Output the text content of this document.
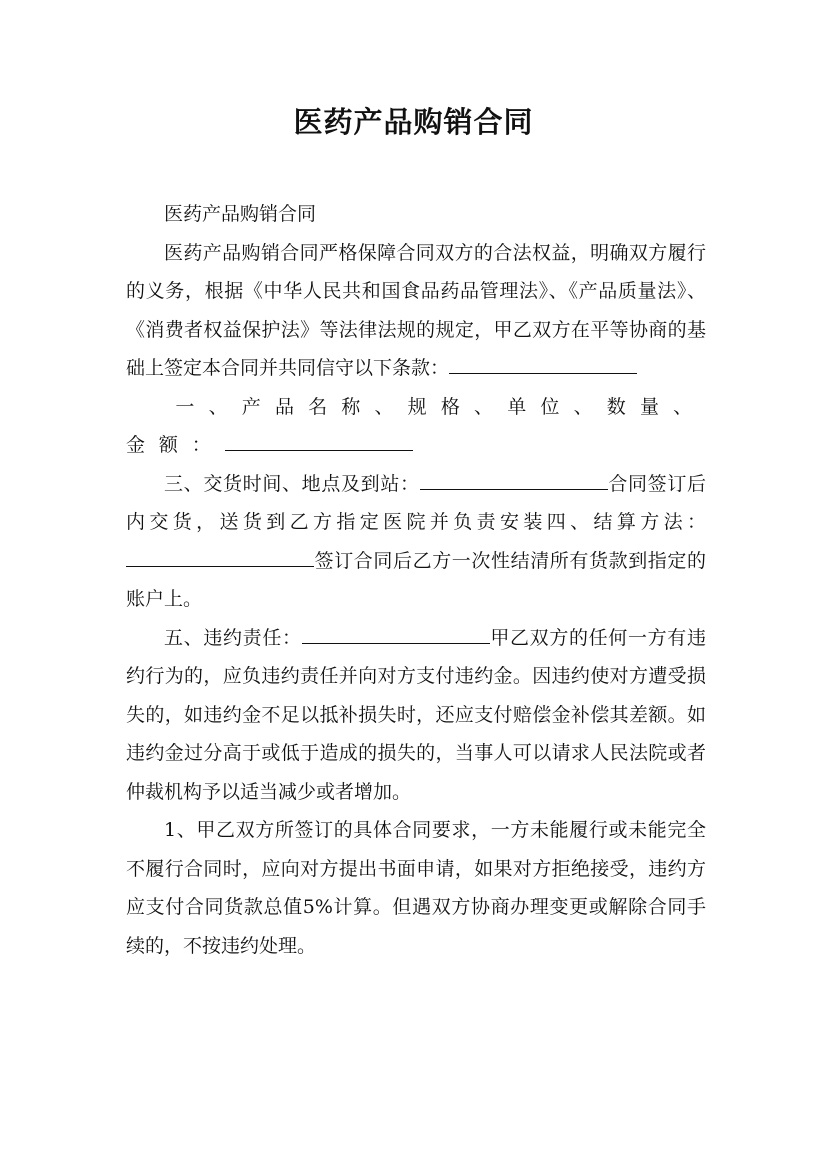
医药产品购销合同

医药产品购销合同

医药产品购销合同严格保障合同双方的合法权益，明确双方履行的义务，根据《中华人民共和国食品药品管理法》、《产品质量法》、《消费者权益保护法》等法律法规的规定，甲乙双方在平等协商的基础上签定本合同并共同信守以下条款：

一、产品名称、规格、单位、数量、金额：

三、交货时间、地点及到站：	合同签订后内交货，送货到乙方指定医院并负责安装四、结算方法：签订合同后乙方一次性结清所有货款到指定的账户上。

五、违约责任：	甲乙双方的任何一方有违约行为的，应负违约责任并向对方支付违约金。因违约使对方遭受损失的，如违约金不足以抵补损失时，还应支付赔偿金补偿其差额。如违约金过分高于或低于造成的损失的，当事人可以请求人民法院或者仲裁机构予以适当减少或者增加。

1、甲乙双方所签订的具体合同要求，一方未能履行或未能完全不履行合同时，应向对方提出书面申请，如果对方拒绝接受，违约方应支付合同货款总值5%计算。但遇双方协商办理变更或解除合同手续的，不按违约处理。
